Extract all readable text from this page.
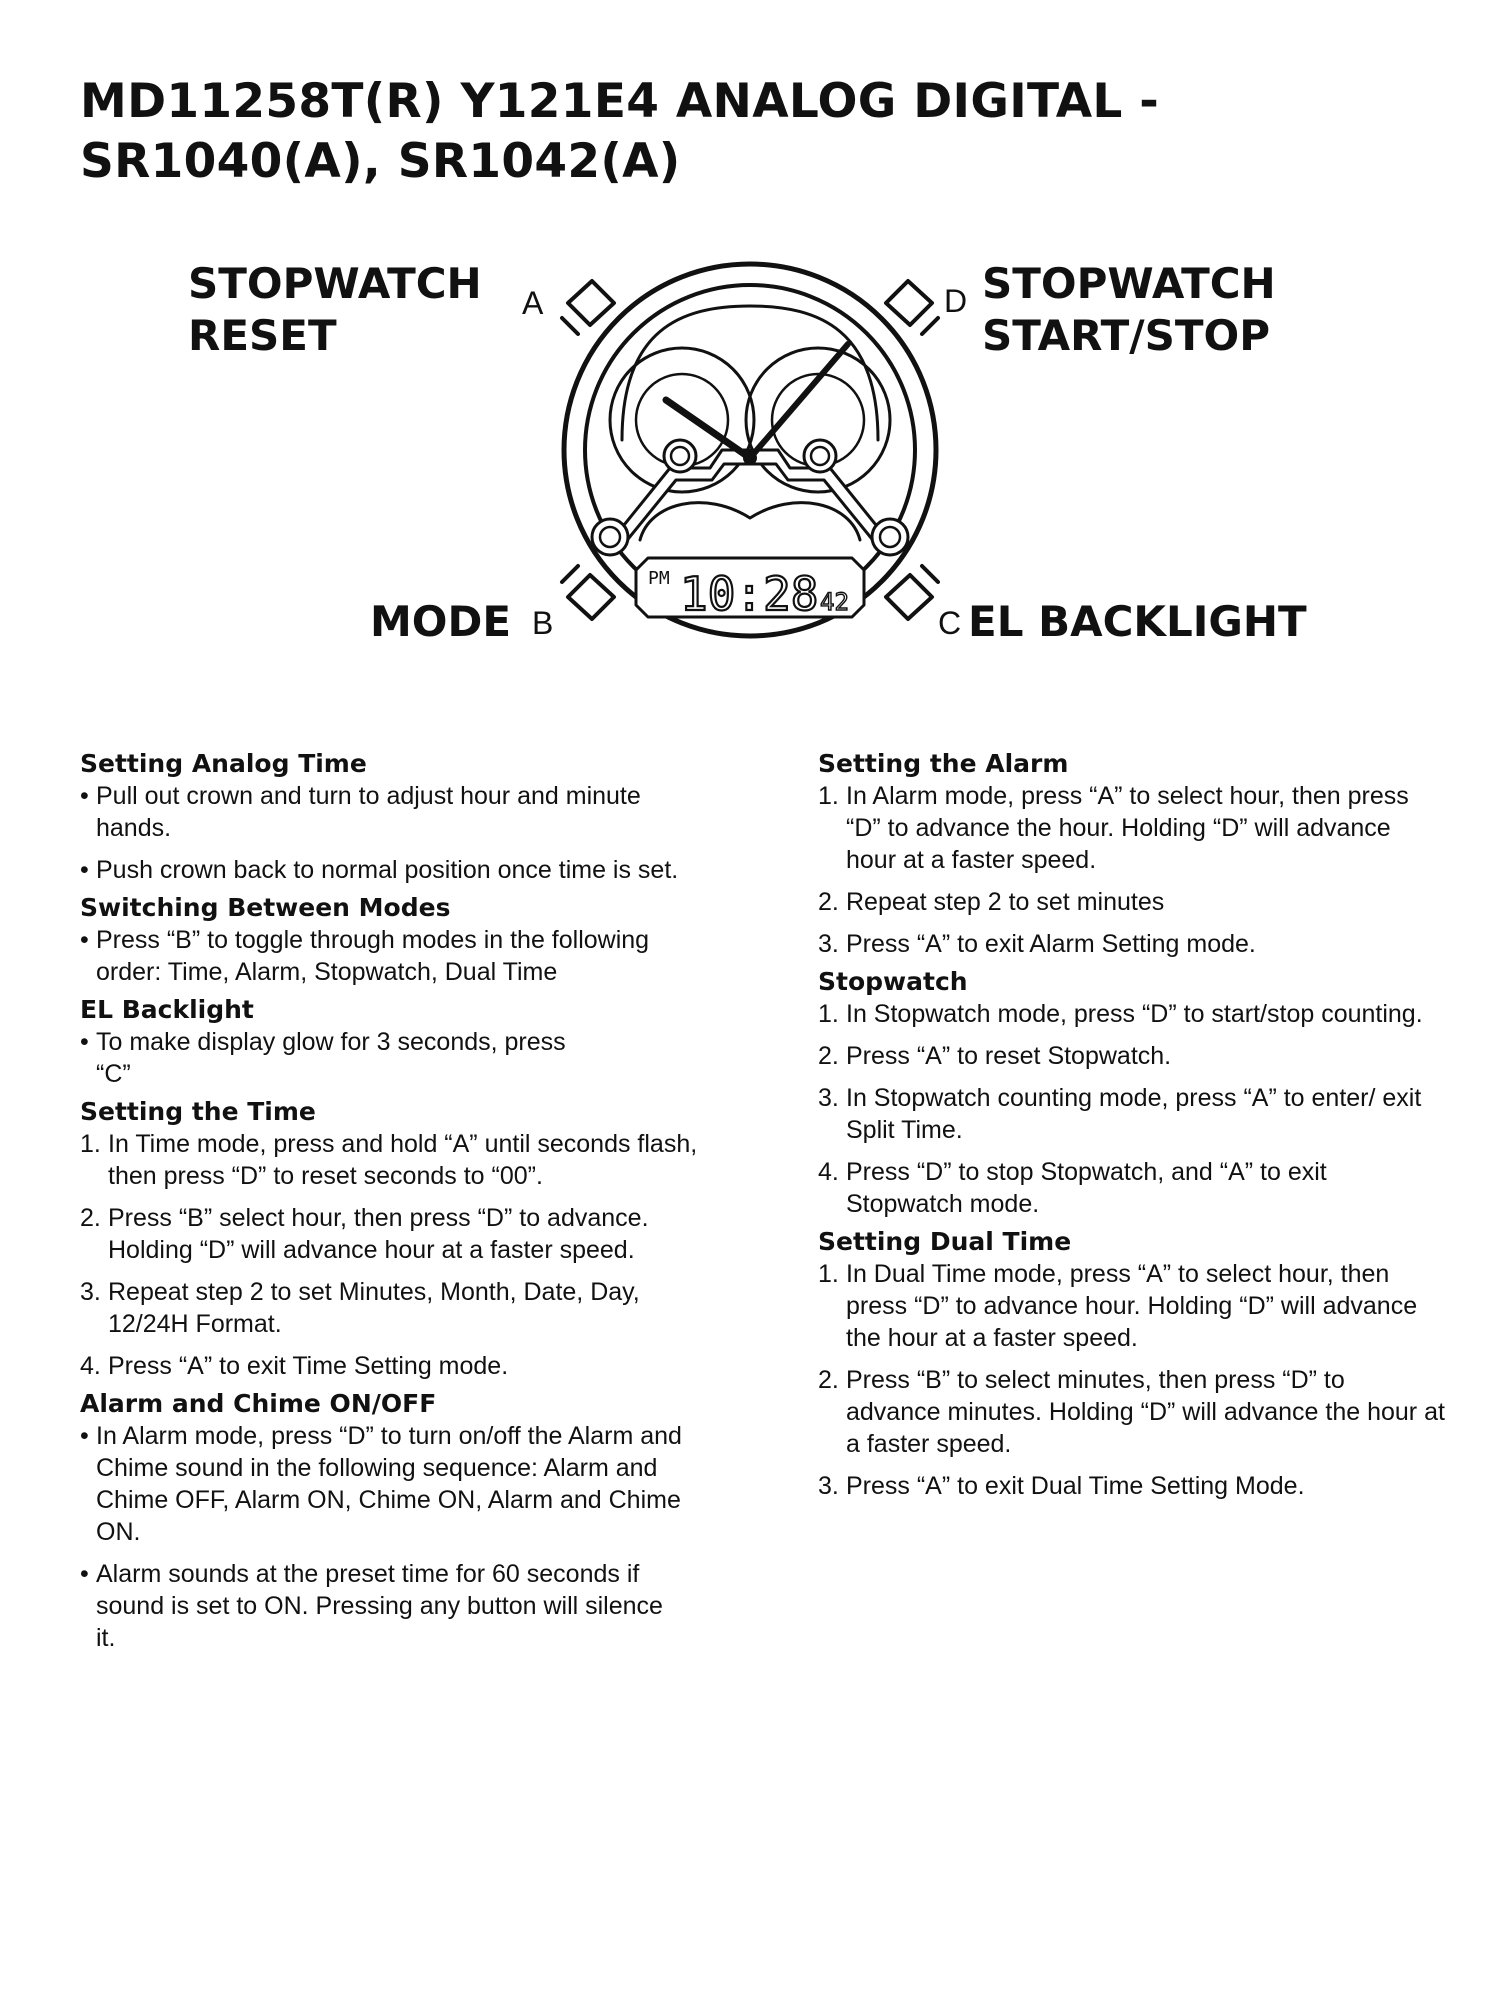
MD11258T(R) Y121E4 ANALOG DIGITAL -
SR1040(A), SR1042(A)
STOPWATCH
RESET
STOPWATCH
START/STOP
MODE	EL BACKLIGHT
A	D
B	C
PM 10:28 42
Setting Analog Time
• Pull out crown and turn to adjust hour and minute hands.
• Push crown back to normal position once time is set.
Switching Between Modes
• Press “B” to toggle through modes in the following order: Time, Alarm, Stopwatch, Dual Time
EL Backlight
• To make display glow for 3 seconds, press “C”
Setting the Time
1. In Time mode, press and hold “A” until seconds flash, then press “D” to reset seconds to “00”.
2. Press “B” select hour, then press “D” to advance. Holding “D” will advance hour at a faster speed.
3. Repeat step 2 to set Minutes, Month, Date, Day, 12/24H Format.
4. Press “A” to exit Time Setting mode.
Alarm and Chime ON/OFF
• In Alarm mode, press “D” to turn on/off the Alarm and Chime sound in the following sequence: Alarm and Chime OFF, Alarm ON, Chime ON, Alarm and Chime ON.
• Alarm sounds at the preset time for 60 seconds if sound is set to ON. Pressing any button will silence it.
Setting the Alarm
1. In Alarm mode, press “A” to select hour, then press “D” to advance the hour. Holding “D” will advance hour at a faster speed.
2. Repeat step 2 to set minutes
3. Press “A” to exit Alarm Setting mode.
Stopwatch
1. In Stopwatch mode, press “D” to start/stop counting.
2. Press “A” to reset Stopwatch.
3. In Stopwatch counting mode, press “A” to enter/ exit Split Time.
4. Press “D” to stop Stopwatch, and “A” to exit Stopwatch mode.
Setting Dual Time
1. In Dual Time mode, press “A” to select hour, then press “D” to advance hour. Holding “D” will advance the hour at a faster speed.
2. Press “B” to select minutes, then press “D” to advance minutes. Holding “D” will advance the hour at a faster speed.
3. Press “A” to exit Dual Time Setting Mode.
